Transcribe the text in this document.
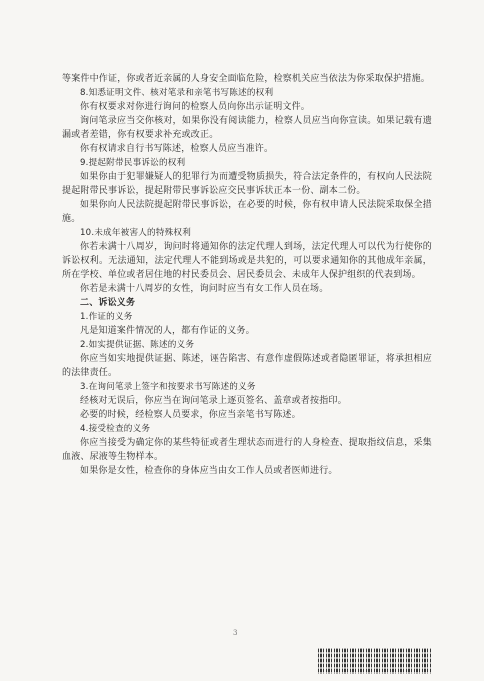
等案件中作证，你或者近亲属的人身安全面临危险，检察机关应当依法为你采取保护措施。

8.知悉证明文件、核对笔录和亲笔书写陈述的权利

你有权要求对你进行询问的检察人员向你出示证明文件。

询问笔录应当交你核对，如果你没有阅读能力，检察人员应当向你宣读。如果记载有遗漏或者差错，你有权要求补充或改正。

你有权请求自行书写陈述，检察人员应当准许。

9.提起附带民事诉讼的权利

如果你由于犯罪嫌疑人的犯罪行为而遭受物质损失，符合法定条件的，有权向人民法院提起附带民事诉讼，提起附带民事诉讼应交民事诉状正本一份、副本二份。

如果你向人民法院提起附带民事诉讼，在必要的时候，你有权申请人民法院采取保全措施。

10.未成年被害人的特殊权利

你若未满十八周岁，询问时将通知你的法定代理人到场，法定代理人可以代为行使你的诉讼权利。无法通知，法定代理人不能到场或是共犯的，可以要求通知你的其他成年亲属，所在学校、单位或者居住地的村民委员会、居民委员会、未成年人保护组织的代表到场。

你若是未满十八周岁的女性，询问时应当有女工作人员在场。

二、诉讼义务

1.作证的义务

凡是知道案件情况的人，都有作证的义务。

2.如实提供证据、陈述的义务

你应当如实地提供证据、陈述，诬告陷害、有意作虚假陈述或者隐匿罪证，将承担相应的法律责任。

3.在询问笔录上签字和按要求书写陈述的义务

经核对无误后，你应当在询问笔录上逐页签名、盖章或者按指印。

必要的时候，经检察人员要求，你应当亲笔书写陈述。

4.接受检查的义务

你应当接受为确定你的某些特征或者生理状态而进行的人身检查、提取指纹信息，采集血液、尿液等生物样本。

如果你是女性，检查你的身体应当由女工作人员或者医师进行。

3
